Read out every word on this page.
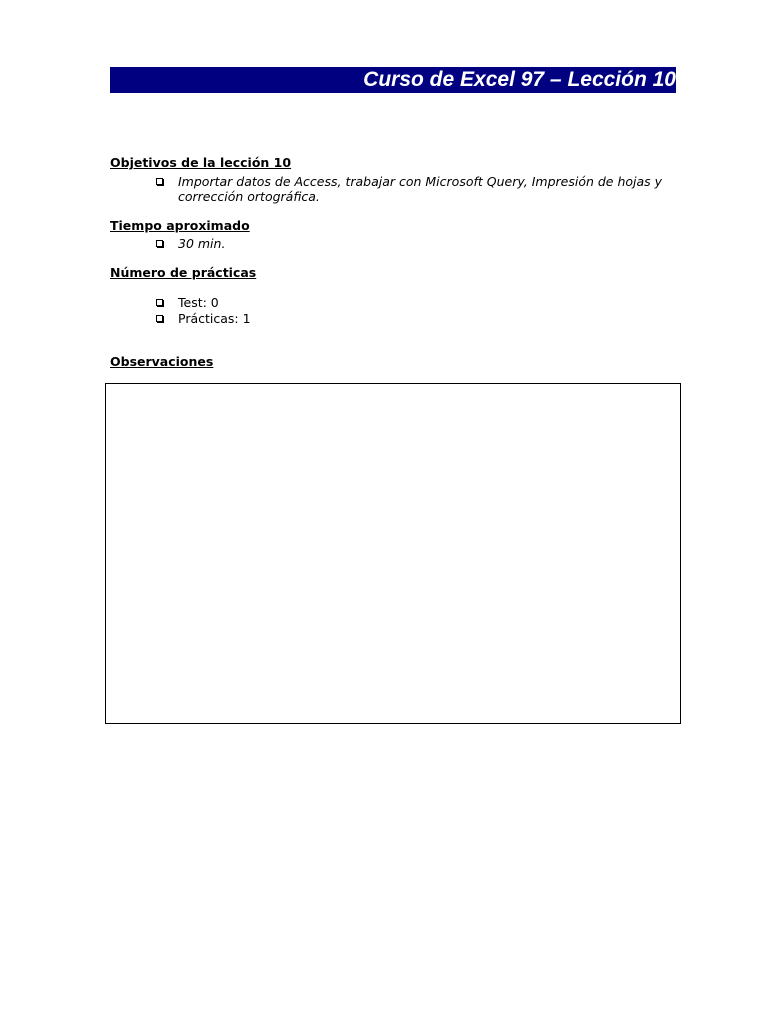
Curso de Excel 97 – Lección 10
Objetivos de la lección 10
Importar datos de Access, trabajar con Microsoft Query, Impresión de hojas y corrección ortográfica.
Tiempo aproximado
30 min.
Número de prácticas
Test: 0
Prácticas: 1
Observaciones
